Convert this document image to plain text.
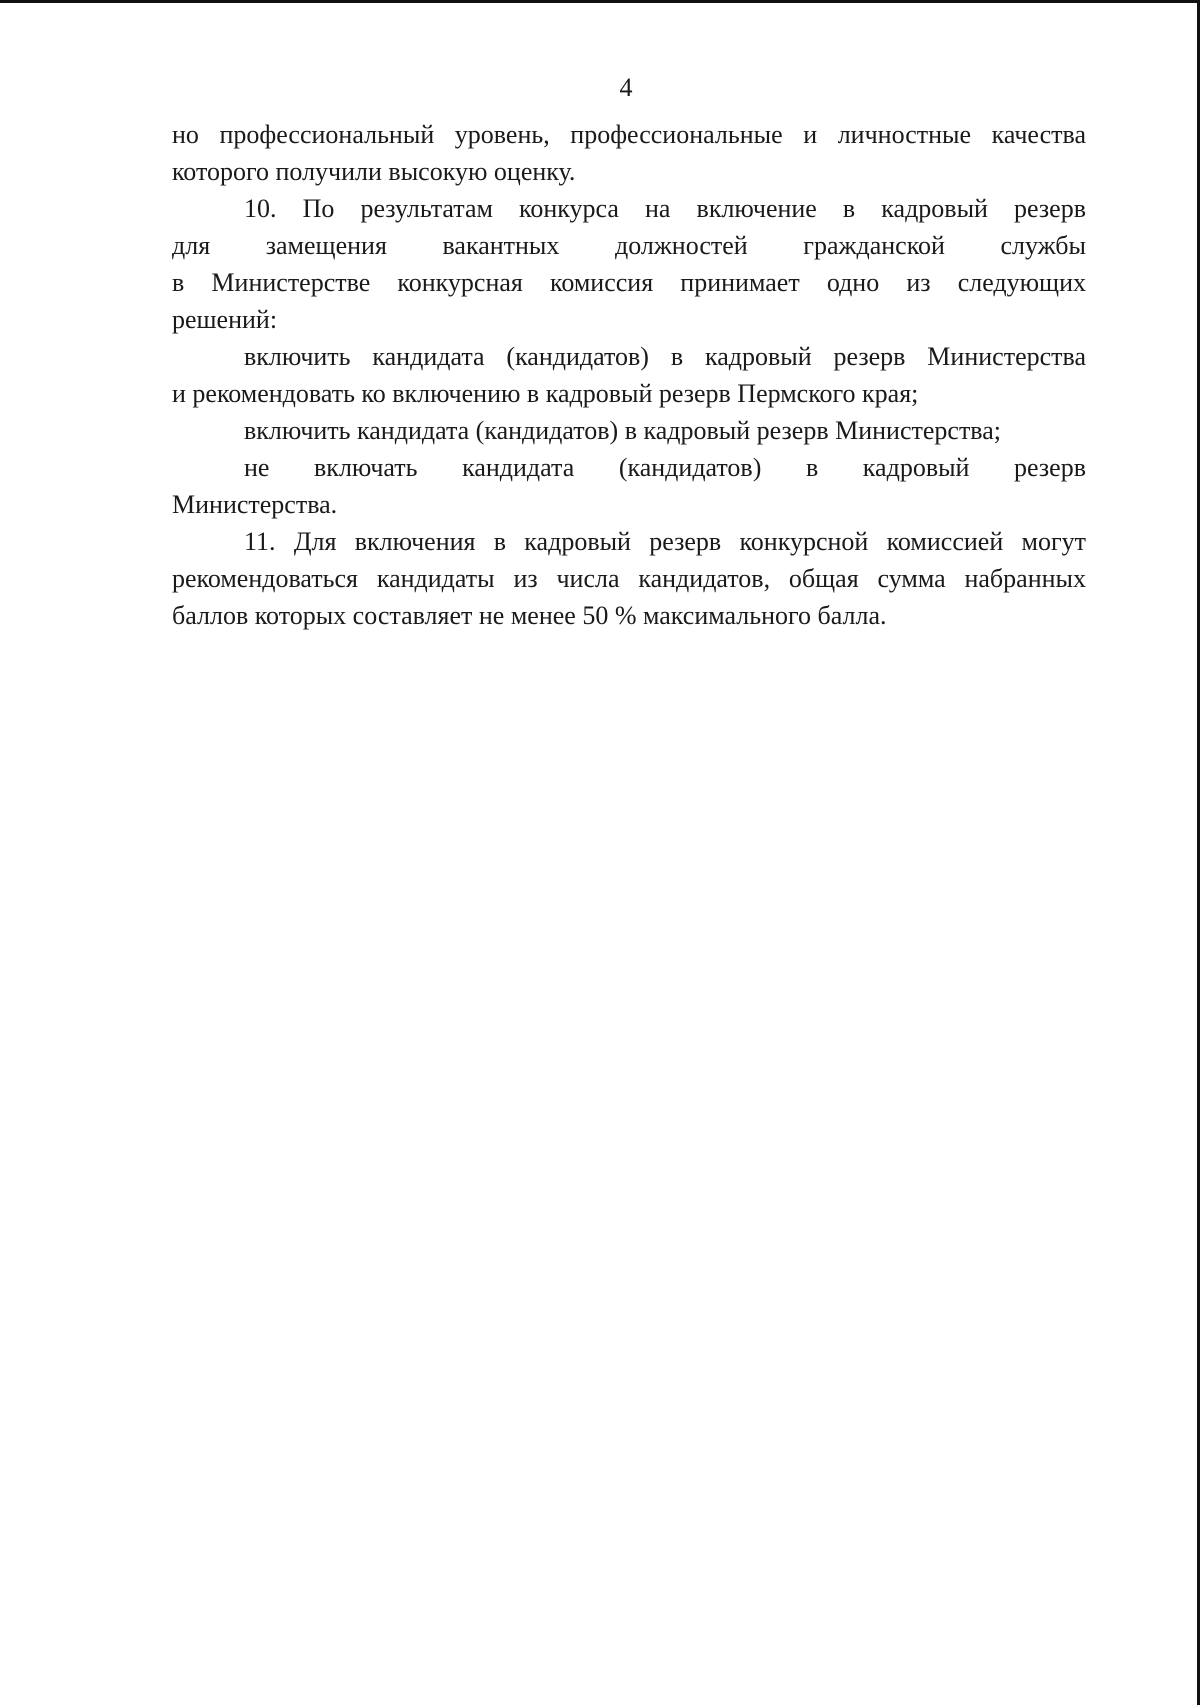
4
но профессиональный уровень, профессиональные и личностные качества
которого получили высокую оценку.
10. По результатам конкурса на включение в кадровый резерв
для замещения вакантных должностей гражданской службы
в Министерстве конкурсная комиссия принимает одно из следующих
решений:
включить кандидата (кандидатов) в кадровый резерв Министерства
и рекомендовать ко включению в кадровый резерв Пермского края;
включить кандидата (кандидатов) в кадровый резерв Министерства;
не включать кандидата (кандидатов) в кадровый резерв
Министерства.
11. Для включения в кадровый резерв конкурсной комиссией могут
рекомендоваться кандидаты из числа кандидатов, общая сумма набранных
баллов которых составляет не менее 50 % максимального балла.
